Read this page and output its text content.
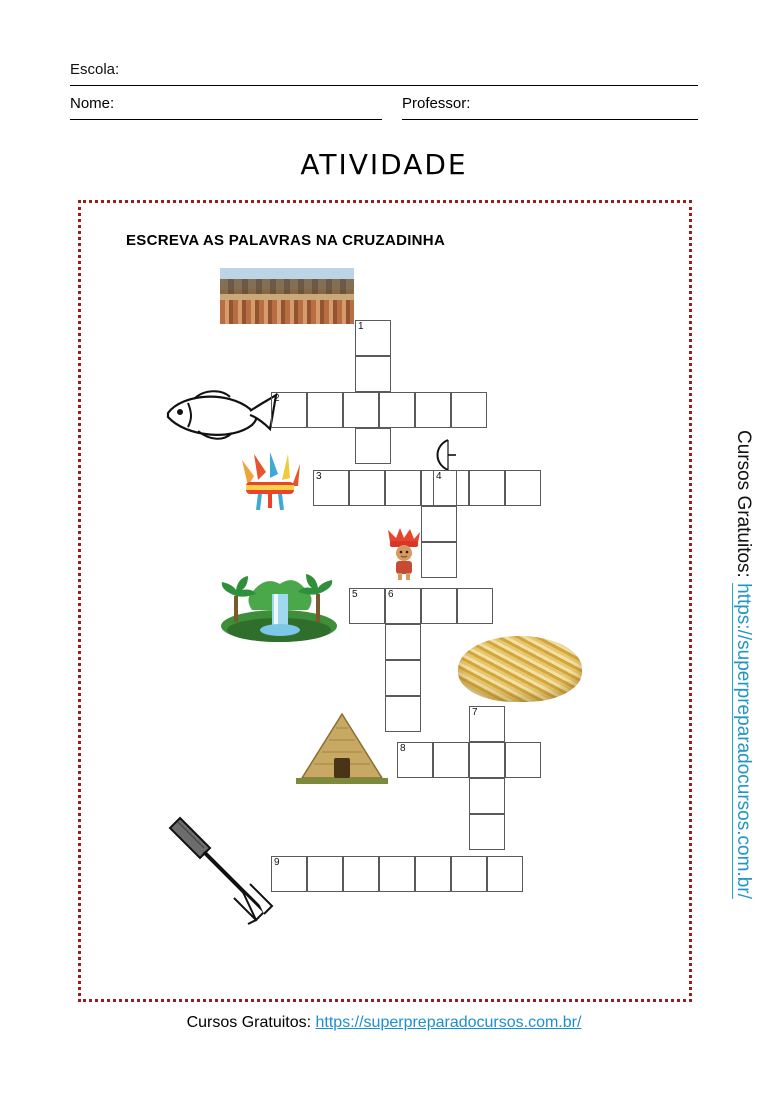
Escola:
Nome:	Professor:
ATIVIDADE
ESCREVA AS PALAVRAS NA CRUZADINHA
1
2
3	4
5	6
7
8
9
Cursos Gratuitos: https://superpreparadocursos.com.br/
Cursos Gratuitos: https://superpreparadocursos.com.br/
